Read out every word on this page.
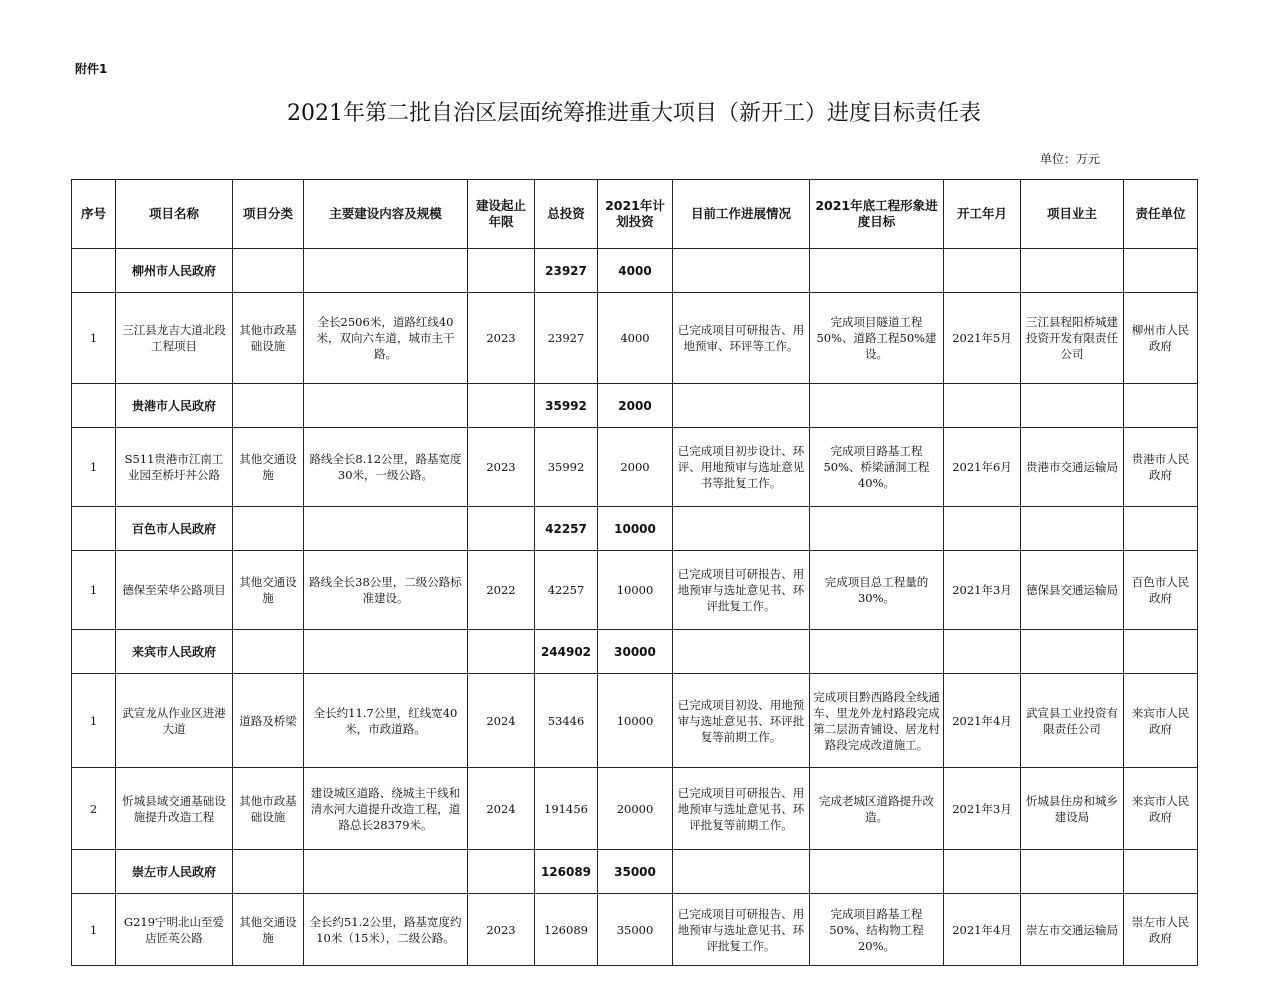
附件1
2021年第二批自治区层面统筹推进重大项目（新开工）进度目标责任表
单位：万元
序号	项目名称	项目分类	主要建设内容及规模	建设起止年限	总投资	2021年计划投资	目前工作进展情况	2021年底工程形象进度目标	开工年月	项目业主	责任单位
	柳州市人民政府				23927	4000					
1	三江县龙吉大道北段工程项目	其他市政基础设施	全长2506米，道路红线40米，双向六车道，城市主干路。	2023	23927	4000	已完成项目可研报告、用地预审、环评等工作。	完成项目隧道工程50%、道路工程50%建设。	2021年5月	三江县程阳桥城建投资开发有限责任公司	柳州市人民政府
	贵港市人民政府				35992	2000					
1	S511贵港市江南工业园至桥圩丼公路	其他交通设施	路线全长8.12公里，路基宽度30米，一级公路。	2023	35992	2000	已完成项目初步设计、环评、用地预审与选址意见书等批复工作。	完成项目路基工程50%、桥梁涵洞工程40%。	2021年6月	贵港市交通运输局	贵港市人民政府
	百色市人民政府				42257	10000					
1	德保至荣华公路项目	其他交通设施	路线全长38公里，二级公路标准建设。	2022	42257	10000	已完成项目可研报告、用地预审与选址意见书、环评批复工作。	完成项目总工程量的30%。	2021年3月	德保县交通运输局	百色市人民政府
	来宾市人民政府				244902	30000					
1	武宣龙从作业区进港大道	道路及桥梁	全长约11.7公里，红线宽40米，市政道路。	2024	53446	10000	已完成项目初设、用地预审与选址意见书、环评批复等前期工作。	完成项目黔西路段全线通车、里龙外龙村路段完成第二层沥青铺设、居龙村路段完成改道施工。	2021年4月	武宣县工业投资有限责任公司	来宾市人民政府
2	忻城县域交通基础设施提升改造工程	其他市政基础设施	建设城区道路、绕城主干线和清水河大道提升改造工程，道路总长28379米。	2024	191456	20000	已完成项目可研报告、用地预审与选址意见书、环评批复等前期工作。	完成老城区道路提升改造。	2021年3月	忻城县住房和城乡建设局	来宾市人民政府
	崇左市人民政府				126089	35000					
1	G219宁明北山至爱店匠英公路	其他交通设施	全长约51.2公里，路基宽度约10米（15米），二级公路。	2023	126089	35000	已完成项目可研报告、用地预审与选址意见书、环评批复工作。	完成项目路基工程50%、结构物工程20%。	2021年4月	崇左市交通运输局	崇左市人民政府
